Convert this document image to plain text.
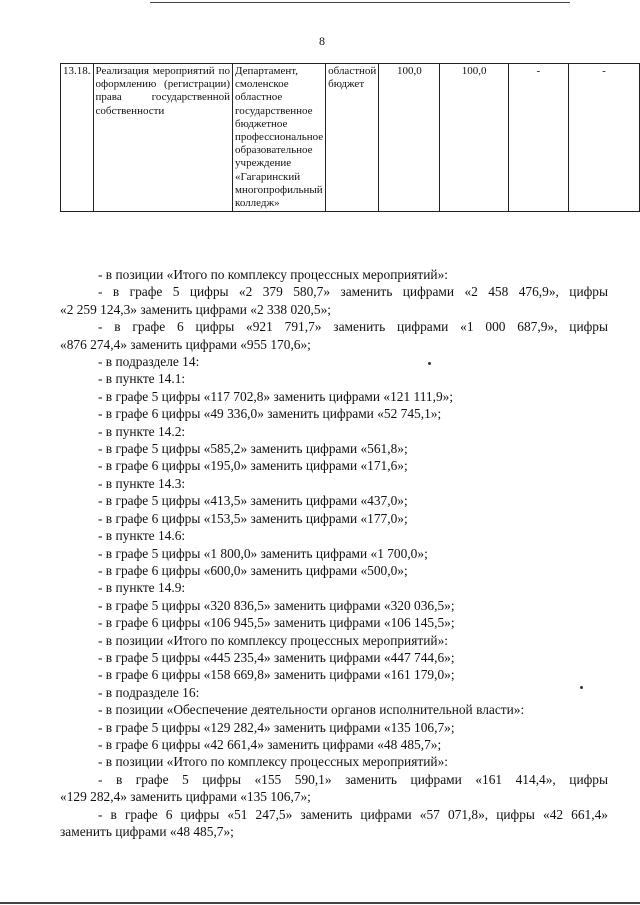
8
13.18.	Реализация мероприятий по оформлению (регистрации) права государственной собственности	Департамент, смоленское областное государственное бюджетное профессиональное образовательное учреждение «Гагаринский многопрофильный колледж»	областной бюджет	100,0	100,0	-	-
- в позиции «Итого по комплексу процессных мероприятий»:
- в графе 5 цифры «2 379 580,7» заменить цифрами «2 458 476,9», цифры
«2 259 124,3» заменить цифрами «2 338 020,5»;
- в графе 6 цифры «921 791,7» заменить цифрами «1 000 687,9», цифры
«876 274,4» заменить цифрами «955 170,6»;
- в подразделе 14:
- в пункте 14.1:
- в графе 5 цифры «117 702,8» заменить цифрами «121 111,9»;
- в графе 6 цифры «49 336,0» заменить цифрами «52 745,1»;
- в пункте 14.2:
- в графе 5 цифры «585,2» заменить цифрами «561,8»;
- в графе 6 цифры «195,0» заменить цифрами «171,6»;
- в пункте 14.3:
- в графе 5 цифры «413,5» заменить цифрами «437,0»;
- в графе 6 цифры «153,5» заменить цифрами «177,0»;
- в пункте 14.6:
- в графе 5 цифры «1 800,0» заменить цифрами «1 700,0»;
- в графе 6 цифры «600,0» заменить цифрами «500,0»;
- в пункте 14.9:
- в графе 5 цифры «320 836,5» заменить цифрами «320 036,5»;
- в графе 6 цифры «106 945,5» заменить цифрами «106 145,5»;
- в позиции «Итого по комплексу процессных мероприятий»:
- в графе 5 цифры «445 235,4» заменить цифрами «447 744,6»;
- в графе 6 цифры «158 669,8» заменить цифрами «161 179,0»;
- в подразделе 16:
- в позиции «Обеспечение деятельности органов исполнительной власти»:
- в графе 5 цифры «129 282,4» заменить цифрами «135 106,7»;
- в графе 6 цифры «42 661,4» заменить цифрами «48 485,7»;
- в позиции «Итого по комплексу процессных мероприятий»:
- в графе 5 цифры «155 590,1» заменить цифрами «161 414,4», цифры
«129 282,4» заменить цифрами «135 106,7»;
- в графе 6 цифры «51 247,5» заменить цифрами «57 071,8», цифры «42 661,4»
заменить цифрами «48 485,7»;
